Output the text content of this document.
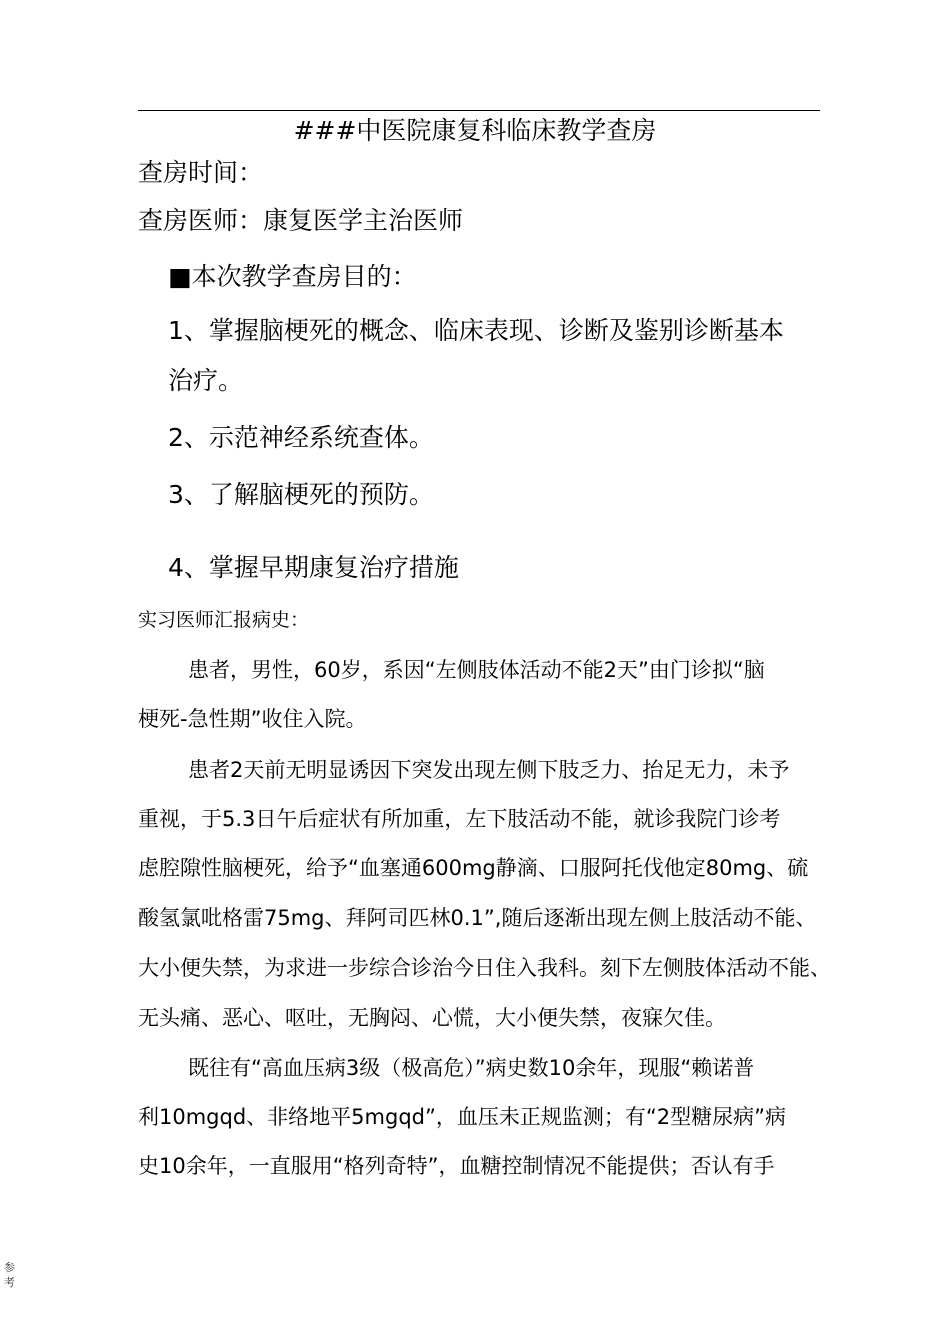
###中医院康复科临床教学查房
查房时间：
查房医师：康复医学主治医师
■本次教学查房目的：
1、掌握脑梗死的概念、临床表现、诊断及鉴别诊断基本
治疗。
2、示范神经系统查体。
3、了解脑梗死的预防。
4、掌握早期康复治疗措施
实习医师汇报病史：
患者，男性，60岁，系因“左侧肢体活动不能2天”由门诊拟“脑
梗死-急性期”收住入院。
患者2天前无明显诱因下突发出现左侧下肢乏力、抬足无力，未予
重视，于5.3日午后症状有所加重，左下肢活动不能，就诊我院门诊考
虑腔隙性脑梗死，给予“血塞通600mg静滴、口服阿托伐他定80mg、硫
酸氢氯吡格雷75mg、拜阿司匹林0.1”,随后逐渐出现左侧上肢活动不能、
大小便失禁，为求进一步综合诊治今日住入我科。刻下左侧肢体活动不能、
无头痛、恶心、呕吐，无胸闷、心慌，大小便失禁，夜寐欠佳。
既往有“高血压病3级（极高危）”病史数10余年，现服“赖诺普
利10mgqd、非络地平5mgqd”，血压未正规监测；有“2型糖尿病”病
史10余年，一直服用“格列奇特”，血糖控制情况不能提供；否认有手
参考
